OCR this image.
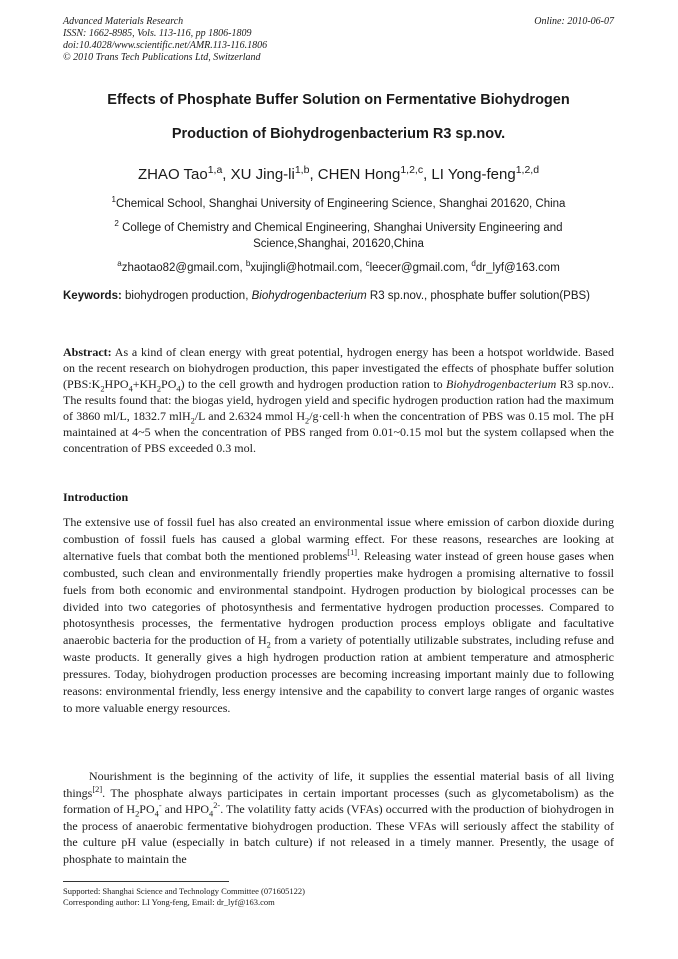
Advanced Materials Research
ISSN: 1662-8985, Vols. 113-116, pp 1806-1809
doi:10.4028/www.scientific.net/AMR.113-116.1806
© 2010 Trans Tech Publications Ltd, Switzerland
Online: 2010-06-07
Effects of Phosphate Buffer Solution on Fermentative Biohydrogen
Production of Biohydrogenbacterium R3 sp.nov.
ZHAO Tao$^{1,a}$, XU Jing-li$^{1,b}$, CHEN Hong$^{1,2,c}$, LI Yong-feng$^{1,2,d}$
$^1$Chemical School, Shanghai University of Engineering Science, Shanghai 201620, China
$^2$ College of Chemistry and Chemical Engineering, Shanghai University Engineering and
Science,Shanghai, 201620,China
$^a$zhaotao82@gmail.com, $^b$xujingli@hotmail.com, $^c$leecer@gmail.com, $^d$dr_lyf@163.com
Keywords: biohydrogen production, Biohydrogenbacterium R3 sp.nov., phosphate buffer solution(PBS)
Abstract: As a kind of clean energy with great potential, hydrogen energy has been a hotspot worldwide. Based on the recent research on biohydrogen production, this paper investigated the effects of phosphate buffer solution $(PBS:K_2HPO_4+KH_2PO_4)$ to the cell growth and hydrogen production ration to Biohydrogenbacterium R3 sp.nov.. The results found that: the biogas yield, hydrogen yield and specific hydrogen production ration had the maximum of 3860 ml/L, 1832.7 mlH$_2$/L and 2.6324 mmol $H_2/g\cdot cell\cdot h$ when the concentration of PBS was 0.15 mol. The pH maintained at 4~5 when the concentration of PBS ranged from 0.01~0.15 mol but the system collapsed when the concentration of PBS exceeded 0.3 mol.
Introduction
The extensive use of fossil fuel has also created an environmental issue where emission of carbon dioxide during combustion of fossil fuels has caused a global warming effect. For these reasons, researches are looking at alternative fuels that combat both the mentioned problems[1]. Releasing water instead of green house gases when combusted, such clean and environmentally friendly properties make hydrogen a promising alternative to fossil fuels from both economic and environmental standpoint. Hydrogen production by biological processes can be divided into two categories of photosynthesis and fermentative hydrogen production processes. Compared to photosynthesis processes, the fermentative hydrogen production process employs obligate and facultative anaerobic bacteria for the production of $H_2$ from a variety of potentially utilizable substrates, including refuse and waste products. It generally gives a high hydrogen production ration at ambient temperature and atmospheric pressures. Today, biohydrogen production processes are becoming increasing important mainly due to following reasons: environmental friendly, less energy intensive and the capability to convert large ranges of organic wastes to more valuable energy resources.
Nourishment is the beginning of the activity of life, it supplies the essential material basis of all living things[2]. The phosphate always participates in certain important processes (such as glycometabolism) as the formation of $H_2PO_4^-$ and $HPO_4^{2-}$. The volatility fatty acids (VFAs) occurred with the production of biohydrogen in the process of anaerobic fermentative biohydrogen production. These VFAs will seriously affect the stability of the culture pH value (especially in batch culture) if not released in a timely manner. Presently, the usage of phosphate to maintain the
Supported: Shanghai Science and Technology Committee (071605122)
Corresponding author: LI Yong-feng, Email: dr_lyf@163.com
